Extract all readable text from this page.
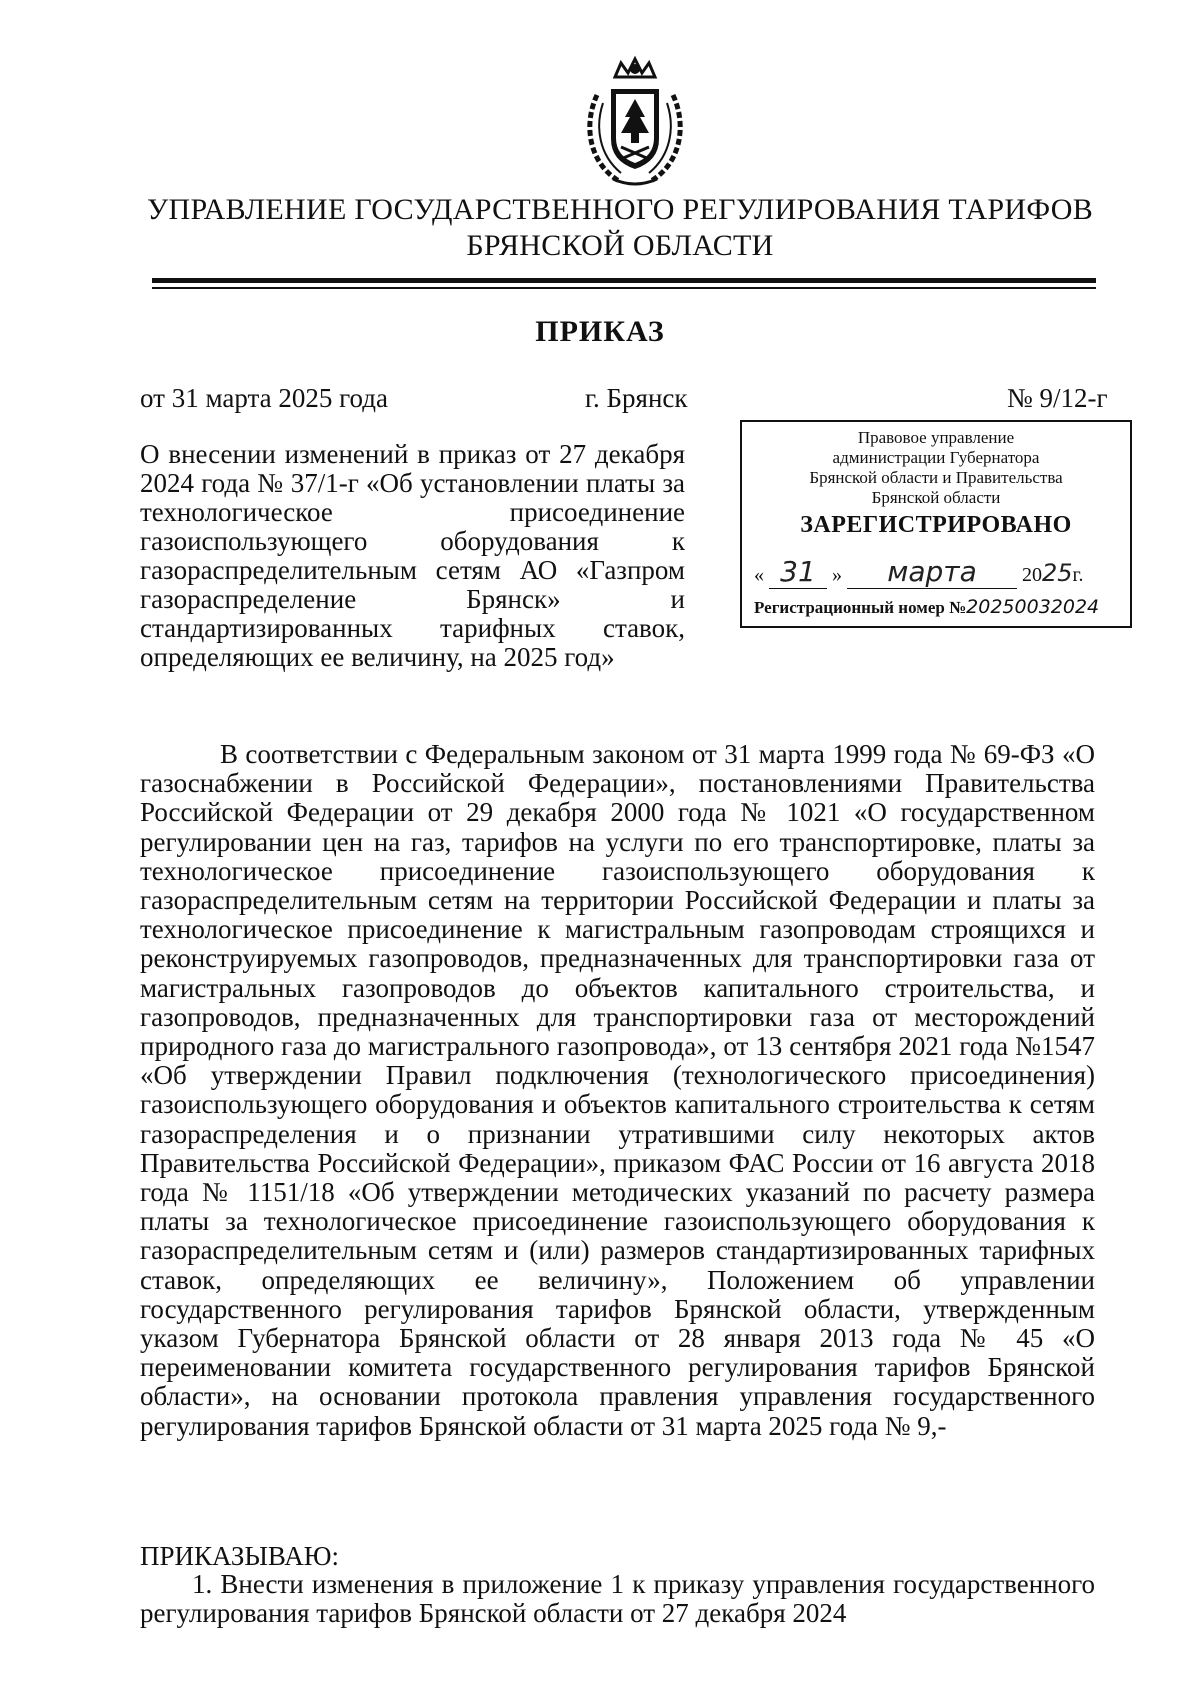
УПРАВЛЕНИЕ ГОСУДАРСТВЕННОГО РЕГУЛИРОВАНИЯ ТАРИФОВ
БРЯНСКОЙ ОБЛАСТИ
ПРИКАЗ
от 31 марта 2025 года	г. Брянск	№ 9/12-г
О внесении изменений в приказ от 27 декабря 2024 года № 37/1-г «Об установлении платы за технологическое присоединение газоиспользующего оборудования к газораспределительным сетям АО «Газпром газораспределение Брянск» и стандартизированных тарифных ставок, определяющих ее величину, на 2025 год»
Правовое управление
администрации Губернатора
Брянской области и Правительства
Брянской области
ЗАРЕГИСТРИРОВАНО
« 31 » марта 2025г.
Регистрационный номер №20250032024

В соответствии с Федеральным законом от 31 марта 1999 года № 69-ФЗ «О газоснабжении в Российской Федерации», постановлениями Правительства Российской Федерации от 29 декабря 2000 года № 1021 «О государственном регулировании цен на газ, тарифов на услуги по его транспортировке, платы за технологическое присоединение газоиспользующего оборудования к газораспределительным сетям на территории Российской Федерации и платы за технологическое присоединение к магистральным газопроводам строящихся и реконструируемых газопроводов, предназначенных для транспортировки газа от магистральных газопроводов до объектов капитального строительства, и газопроводов, предназначенных для транспортировки газа от месторождений природного газа до магистрального газопровода», от 13 сентября 2021 года №1547 «Об утверждении Правил подключения (технологического присоединения) газоиспользующего оборудования и объектов капитального строительства к сетям газораспределения и о признании утратившими силу некоторых актов Правительства Российской Федерации», приказом ФАС России от 16 августа 2018 года № 1151/18 «Об утверждении методических указаний по расчету размера платы за технологическое присоединение газоиспользующего оборудования к газораспределительным сетям и (или) размеров стандартизированных тарифных ставок, определяющих ее величину», Положением об управлении государственного регулирования тарифов Брянской области, утвержденным указом Губернатора Брянской области от 28 января 2013 года № 45 «О переименовании комитета государственного регулирования тарифов Брянской области», на основании протокола правления управления государственного регулирования тарифов Брянской области от 31 марта 2025 года № 9,-

ПРИКАЗЫВАЮ:

1. Внести изменения в приложение 1 к приказу управления государственного регулирования тарифов Брянской области от 27 декабря 2024
